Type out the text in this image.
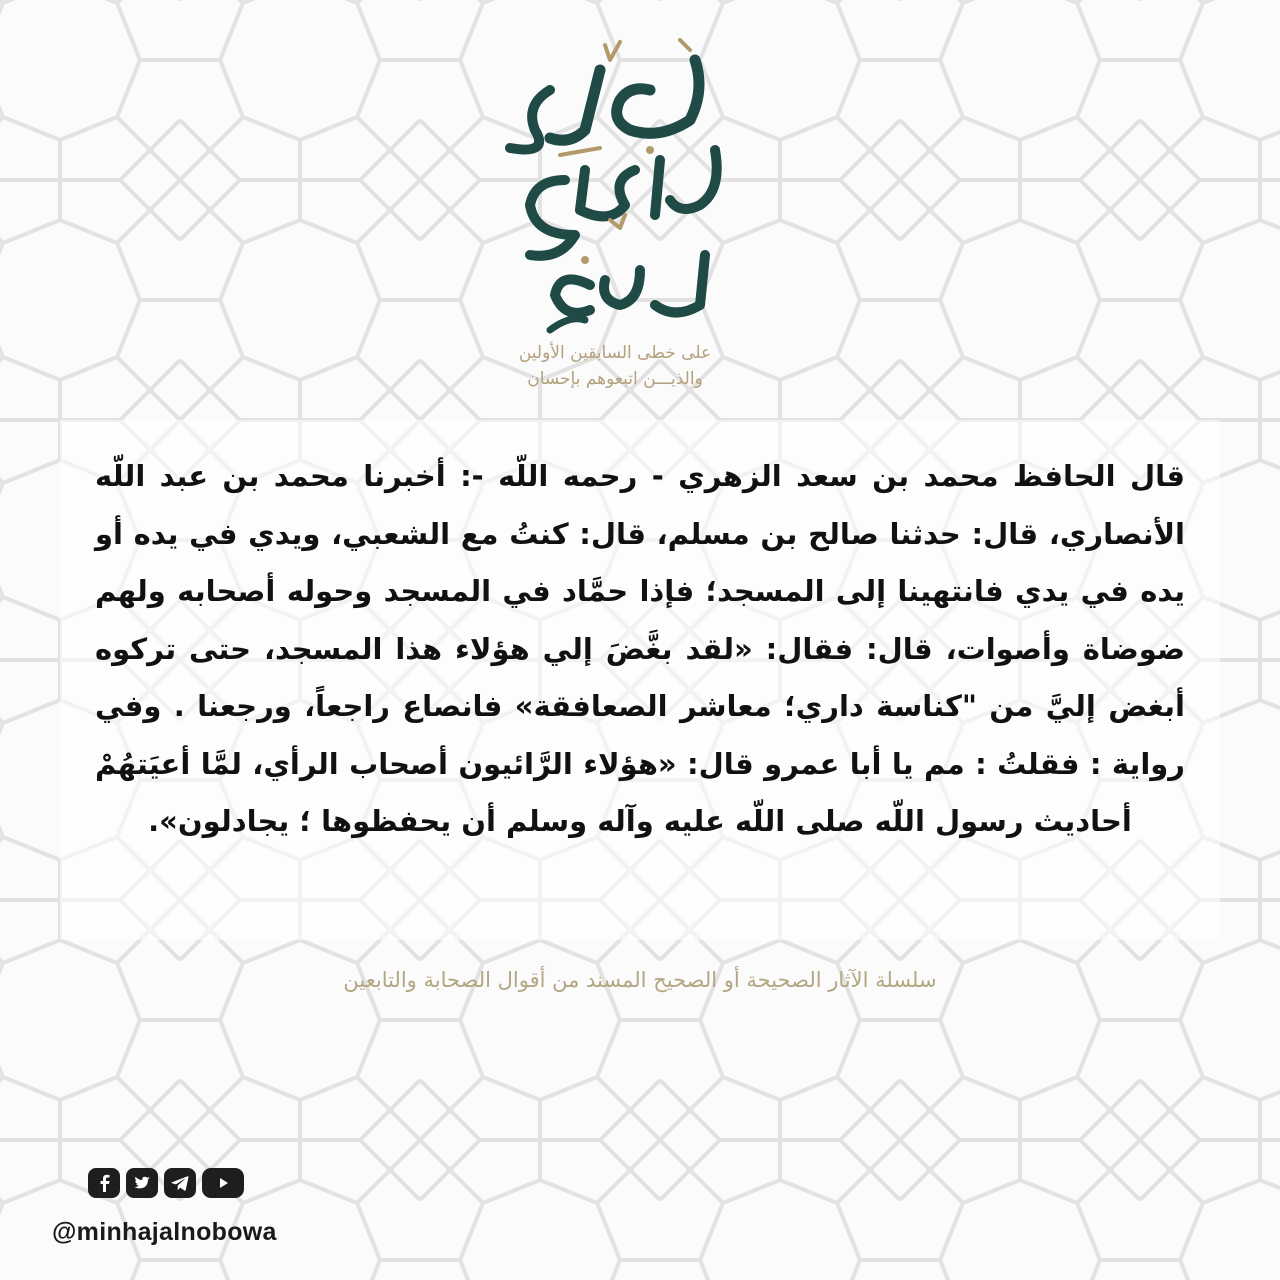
على خطى السابقين الأولين
والذيـــن اتبعوهم بإحسان
قال الحافظ محمد بن سعد الزهري - رحمه اللّه -: أخبرنا محمد بن عبد اللّه الأنصاري، قال: حدثنا صالح بن مسلم، قال: كنتُ مع الشعبي، ويدي في يده أو يده في يدي فانتهينا إلى المسجد؛ فإذا حمَّاد في المسجد وحوله أصحابه ولهم ضوضاة وأصوات، قال: فقال: «لقد بغَّضَ إلي هؤلاء هذا المسجد، حتى تركوه أبغض إليَّ من "كناسة داري؛ معاشر الصعافقة» فانصاع راجعاً، ورجعنا . وفي رواية : فقلتُ : مم يا أبا عمرو قال: «هؤلاء الرَّائيون أصحاب الرأي، لمَّا أعيَتهُمْ أحاديث رسول اللّه صلى اللّه عليه وآله وسلم أن يحفظوها ؛ يجادلون».
سلسلة الآثار الصحيحة أو الصحيح المسند من أقوال الصحابة والتابعين
@minhajalnobowa
